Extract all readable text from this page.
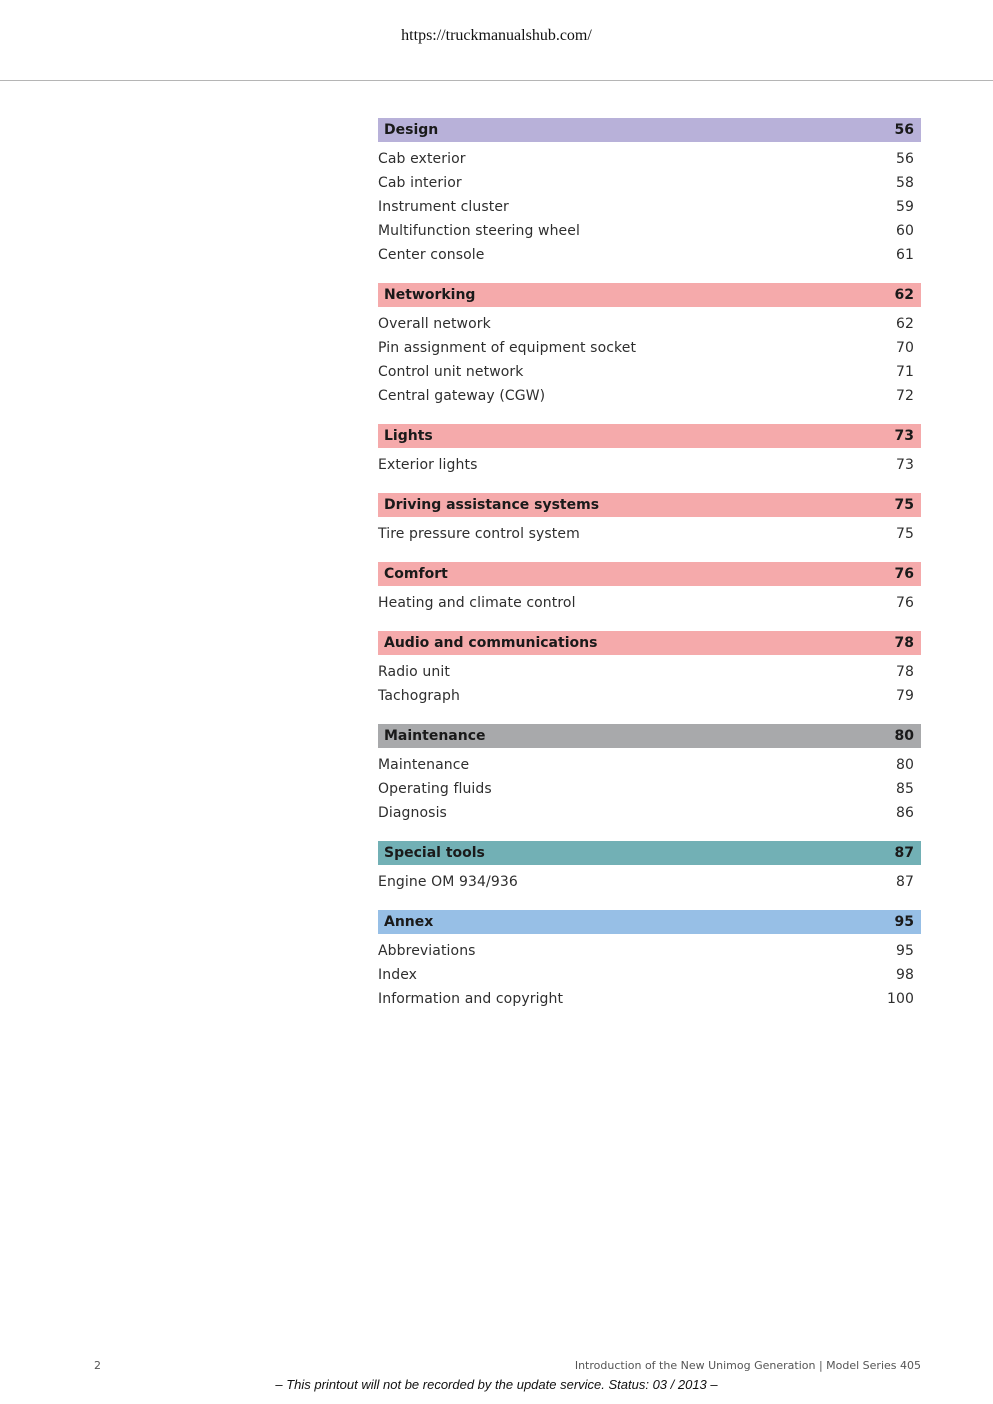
https://truckmanualshub.com/
Design	56
Cab exterior	56
Cab interior	58
Instrument cluster	59
Multifunction steering wheel	60
Center console	61
Networking	62
Overall network	62
Pin assignment of equipment socket	70
Control unit network	71
Central gateway (CGW)	72
Lights	73
Exterior lights	73
Driving assistance systems	75
Tire pressure control system	75
Comfort	76
Heating and climate control	76
Audio and communications	78
Radio unit	78
Tachograph	79
Maintenance	80
Maintenance	80
Operating fluids	85
Diagnosis	86
Special tools	87
Engine OM 934/936	87
Annex	95
Abbreviations	95
Index	98
Information and copyright	100
2	Introduction of the New Unimog Generation | Model Series 405
– This printout will not be recorded by the update service. Status: 03 / 2013 –
